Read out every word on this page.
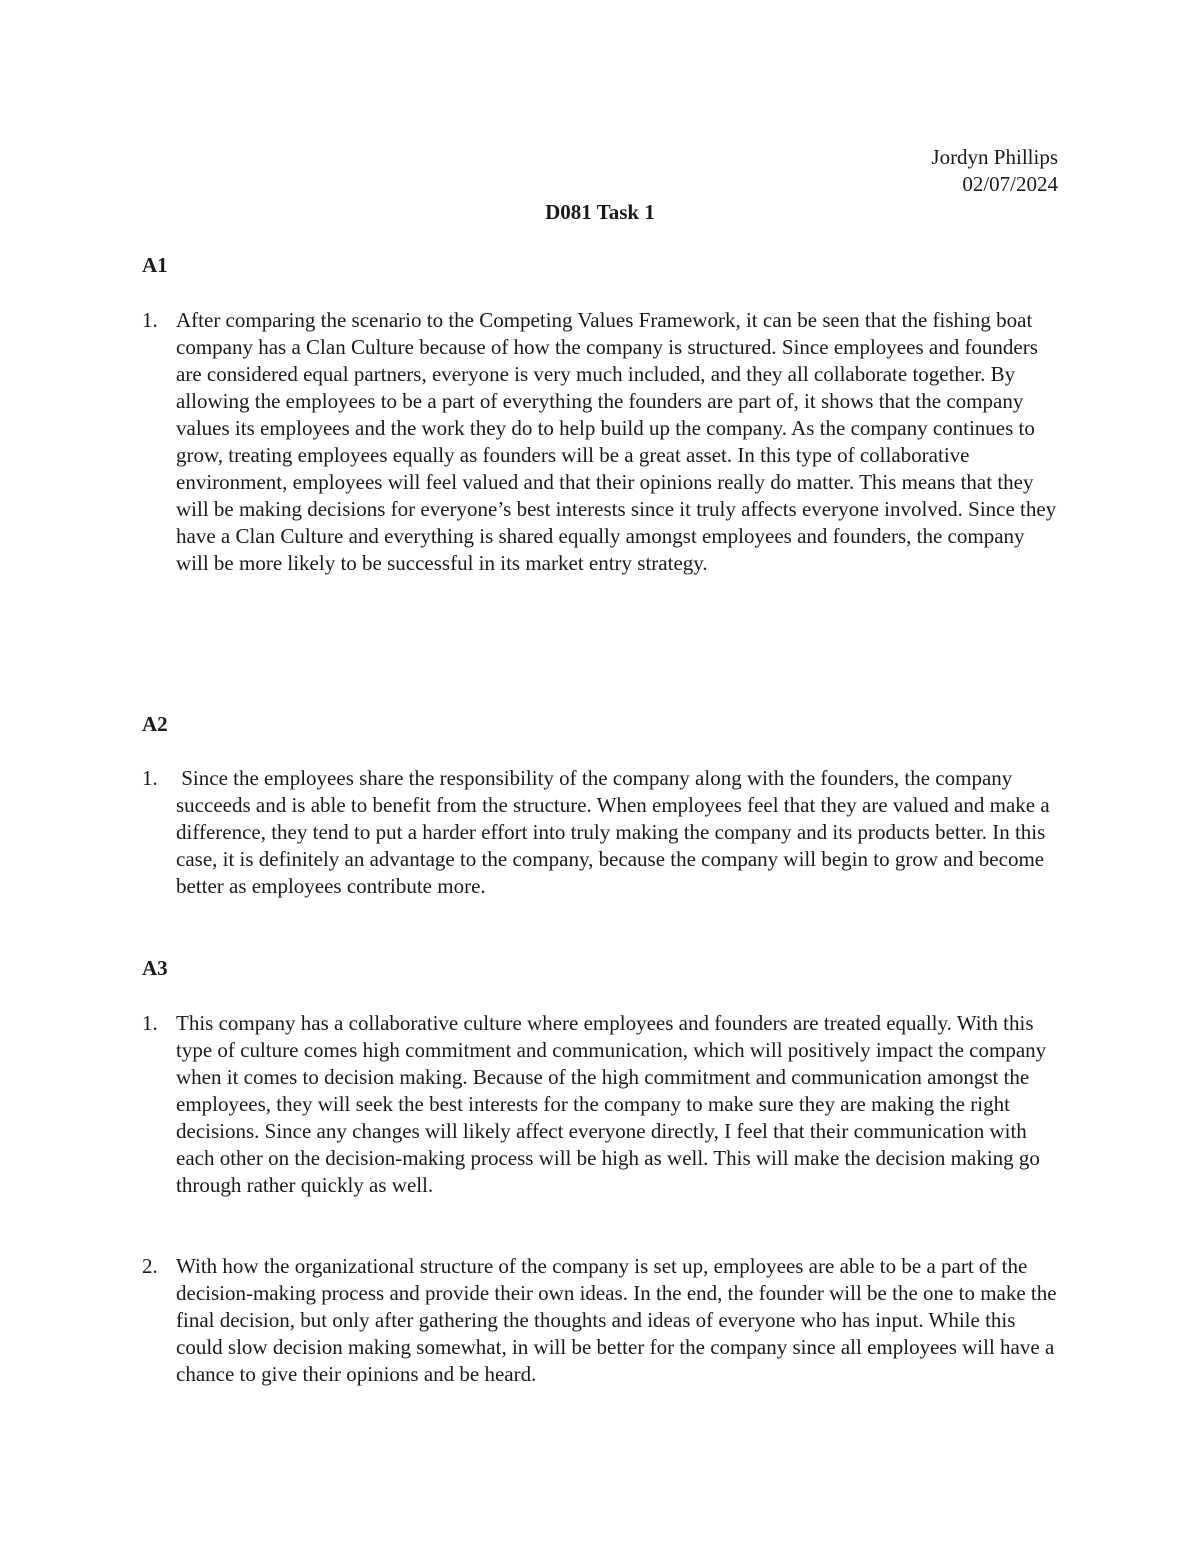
Jordyn Phillips
02/07/2024
D081 Task 1
A1
1. After comparing the scenario to the Competing Values Framework, it can be seen that the fishing boat company has a Clan Culture because of how the company is structured. Since employees and founders are considered equal partners, everyone is very much included, and they all collaborate together. By allowing the employees to be a part of everything the founders are part of, it shows that the company values its employees and the work they do to help build up the company. As the company continues to grow, treating employees equally as founders will be a great asset. In this type of collaborative environment, employees will feel valued and that their opinions really do matter. This means that they will be making decisions for everyone’s best interests since it truly affects everyone involved. Since they have a Clan Culture and everything is shared equally amongst employees and founders, the company will be more likely to be successful in its market entry strategy.
A2
1. Since the employees share the responsibility of the company along with the founders, the company succeeds and is able to benefit from the structure. When employees feel that they are valued and make a difference, they tend to put a harder effort into truly making the company and its products better. In this case, it is definitely an advantage to the company, because the company will begin to grow and become better as employees contribute more.
A3
1. This company has a collaborative culture where employees and founders are treated equally. With this type of culture comes high commitment and communication, which will positively impact the company when it comes to decision making. Because of the high commitment and communication amongst the employees, they will seek the best interests for the company to make sure they are making the right decisions. Since any changes will likely affect everyone directly, I feel that their communication with each other on the decision-making process will be high as well. This will make the decision making go through rather quickly as well.
2. With how the organizational structure of the company is set up, employees are able to be a part of the decision-making process and provide their own ideas. In the end, the founder will be the one to make the final decision, but only after gathering the thoughts and ideas of everyone who has input. While this could slow decision making somewhat, in will be better for the company since all employees will have a chance to give their opinions and be heard.
